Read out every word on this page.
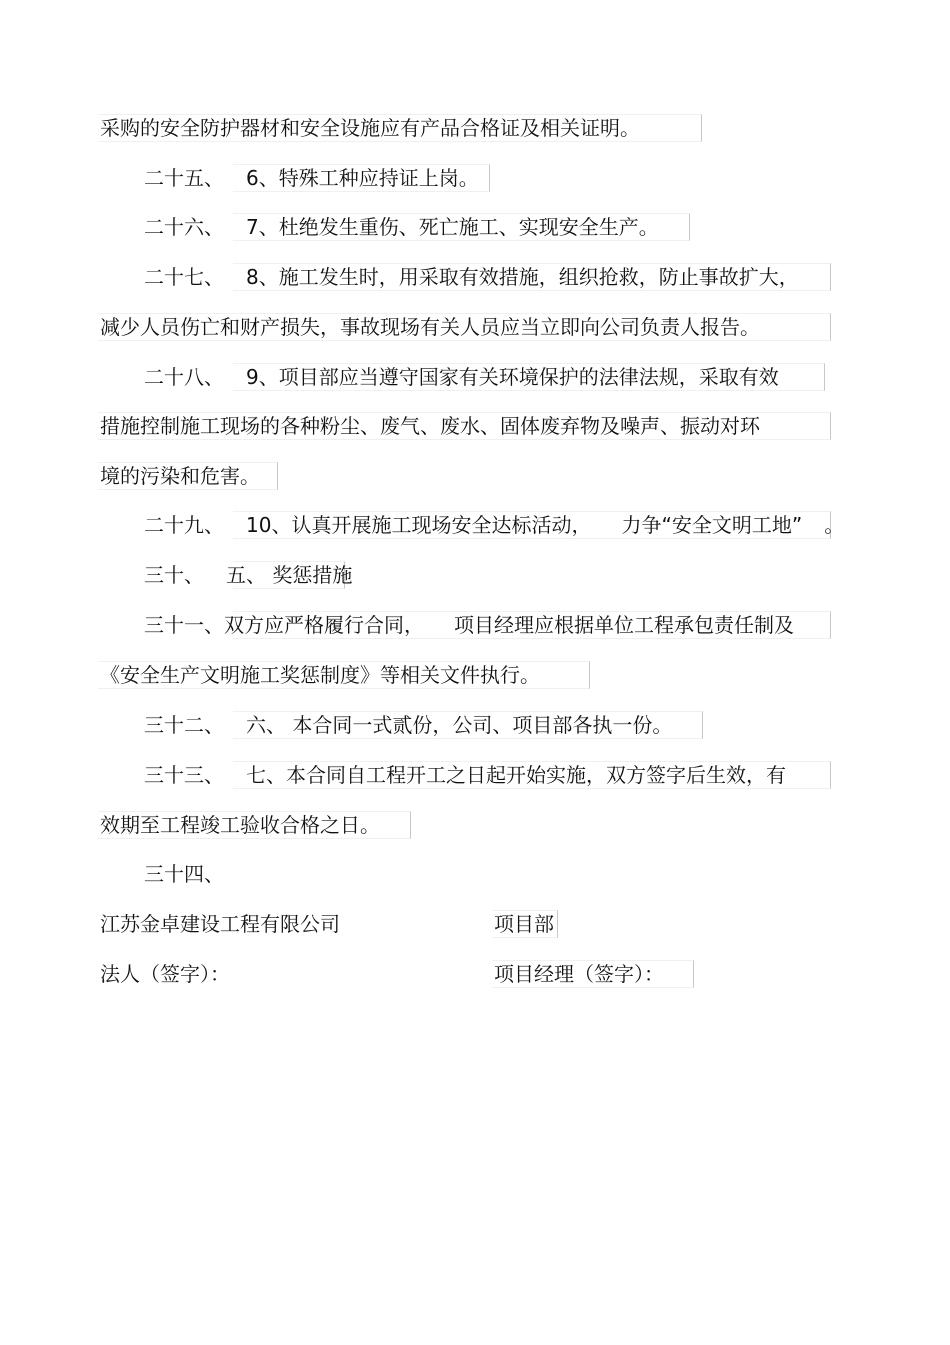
采购的安全防护器材和安全设施应有产品合格证及相关证明。
二十五、 6、特殊工种应持证上岗。
二十六、 7、杜绝发生重伤、死亡施工、实现安全生产。
二十七、 8、施工发生时，用采取有效措施，组织抢救，防止事故扩大，
减少人员伤亡和财产损失，事故现场有关人员应当立即向公司负责人报告。
二十八、 9、项目部应当遵守国家有关环境保护的法律法规，采取有效
措施控制施工现场的各种粉尘、废气、废水、固体废弃物及噪声、振动对环
境的污染和危害。
二十九、 10、认真开展施工现场安全达标活动， 力争“安全文明工地” 。
三十、 五、 奖惩措施
三十一、双方应严格履行合同， 项目经理应根据单位工程承包责任制及
《安全生产文明施工奖惩制度》等相关文件执行。
三十二、 六、 本合同一式贰份，公司、项目部各执一份。
三十三、 七、本合同自工程开工之日起开始实施，双方签字后生效，有
效期至工程竣工验收合格之日。
三十四、
江苏金卓建设工程有限公司	项目部
法人（签字）：	项目经理（签字）：
